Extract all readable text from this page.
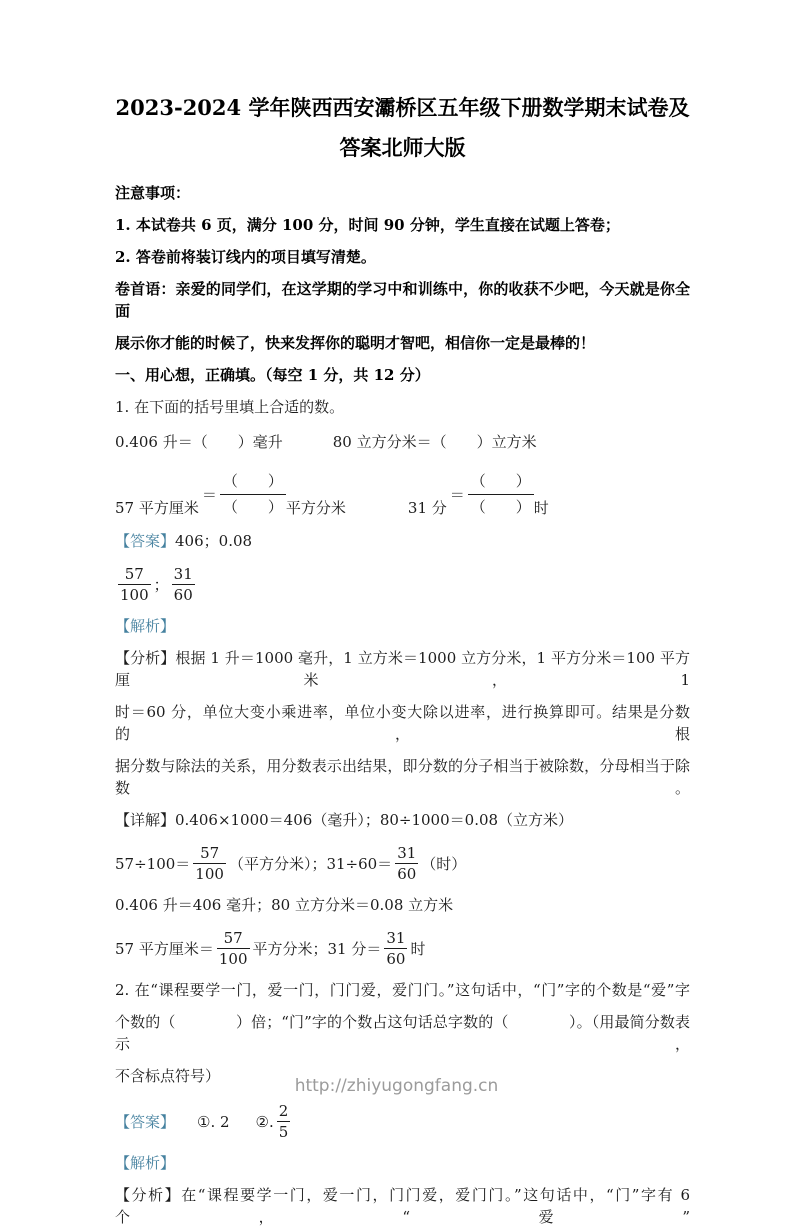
2023-2024 学年陕西西安灞桥区五年级下册数学期末试卷及
答案北师大版
注意事项：
1. 本试卷共 6 页，满分 100 分，时间 90 分钟，学生直接在试题上答卷；
2. 答卷前将装订线内的项目填写清楚。
卷首语：亲爱的同学们，在这学期的学习中和训练中，你的收获不少吧，今天就是你全面
展示你才能的时候了，快来发挥你的聪明才智吧，相信你一定是最棒的！
一、用心想，正确填。（每空 1 分，共 12 分）
1. 在下面的括号里填上合适的数。
0.406 升＝（　　）毫升	80 立方分米＝（　　）立方米
57 平方厘米
＝ $\frac{( )}{( )}$ 平方分米	31 分
＝ $\frac{( )}{( )}$ 时
【答案】406；0.08
$\frac{57}{100}$ ； $\frac{31}{60}$
【解析】
【分析】根据 1 升＝1000 毫升，1 立方米＝1000 立方分米，1 平方分米＝100 平方厘米，1
时＝60 分，单位大变小乘进率，单位小变大除以进率，进行换算即可。结果是分数的，根
据分数与除法的关系，用分数表示出结果，即分数的分子相当于被除数，分母相当于除数。
【详解】0.406×1000＝406（毫升）；80÷1000＝0.08（立方米）
$57\div 100= \frac{57}{100}$ （平方分米）；$31\div 60= \frac{31}{60}$ （时）
0.406 升＝406 毫升；80 立方分米＝0.08 立方米
57 平方厘米＝ $\frac{57}{100}$ 平方分米；31 分＝ $\frac{31}{60}$ 时
2. 在“课程要学一门，爱一门，门门爱，爱门门。”这句话中，“门”字的个数是“爱”字
个数的（　　　　）倍；“门”字的个数占这句话总字数的（　　　　）。（用最简分数表示，
不含标点符号）
【答案】 ①. 2 ②. $\frac{2}{5}$
【解析】
【分析】在“课程要学一门，爱一门，门门爱，爱门门。”这句话中，“门”字有 6 个，“爱”
http://zhiyugongfang.cn
